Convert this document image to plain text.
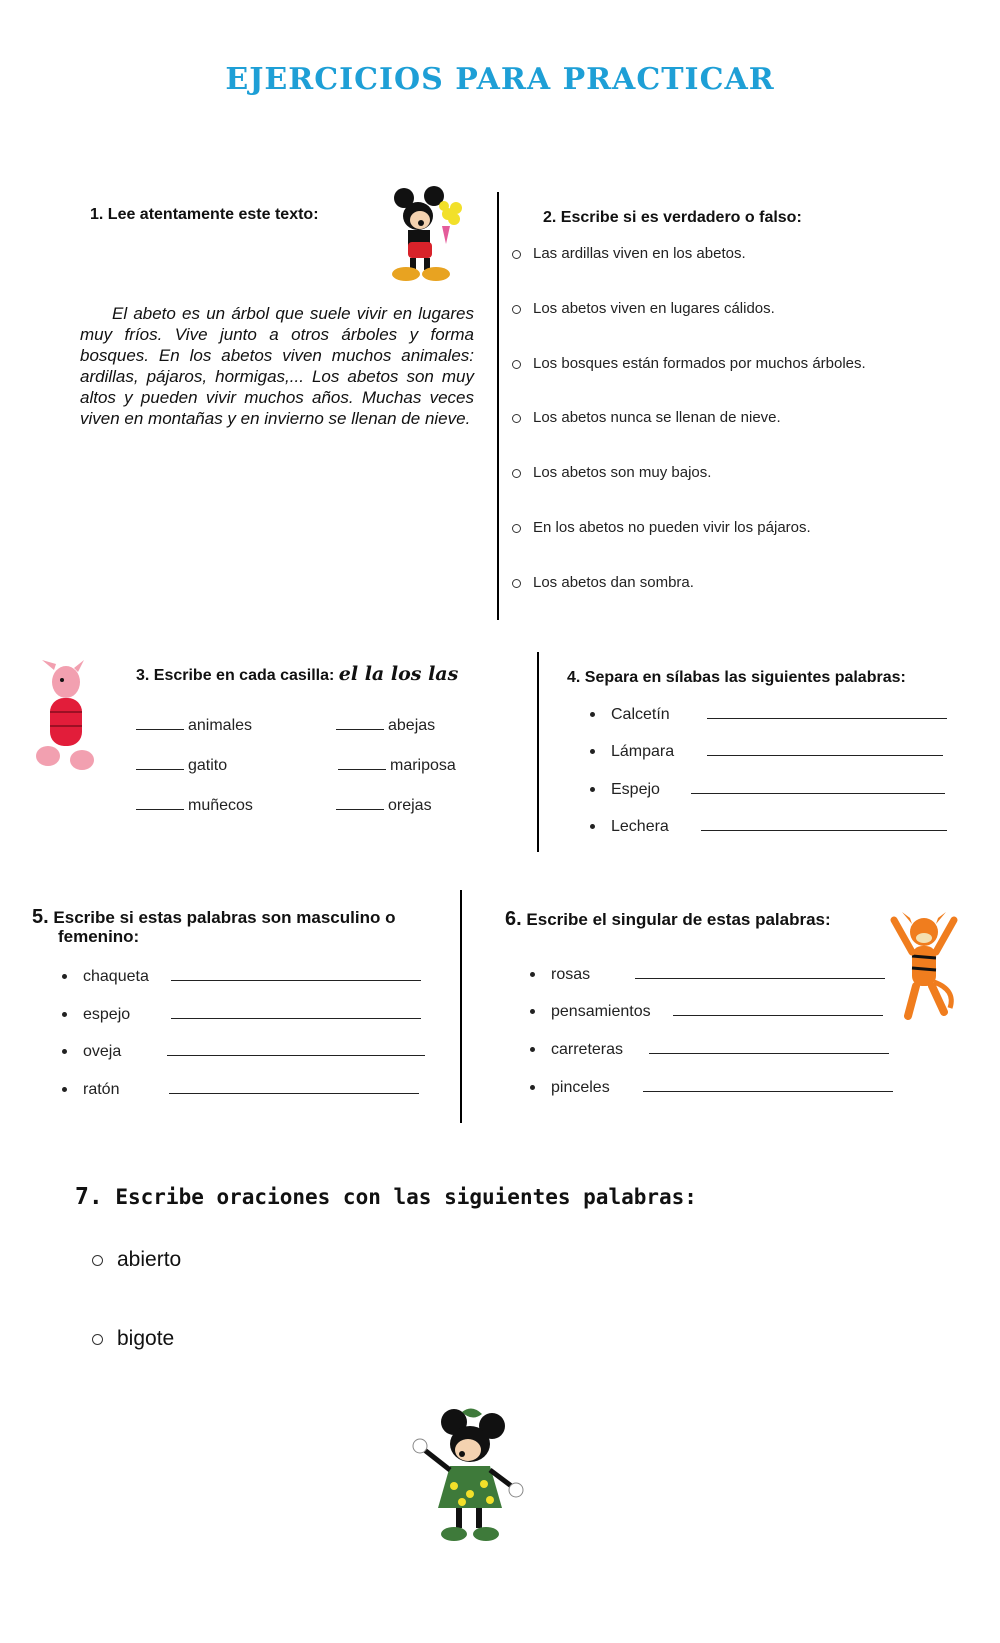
EJERCICIOS PARA PRACTICAR
1. Lee atentamente este texto:
El abeto es un árbol que suele vivir en lugares muy fríos. Vive junto a otros árboles y forma bosques. En los abetos viven muchos animales: ardillas, pájaros, hormigas,... Los abetos son muy altos y pueden vivir muchos años. Muchas veces viven en montañas y en invierno se llenan de nieve.
2. Escribe si es verdadero o falso:
Las ardillas viven en los abetos.
Los abetos viven en lugares cálidos.
Los bosques están formados por muchos árboles.
Los abetos nunca se llenan de nieve.
Los abetos son muy bajos.
En los abetos no pueden vivir los pájaros.
Los abetos dan sombra.
3. Escribe en cada casilla: el la los las
animales	abejas
gatito	mariposa
muñecos	orejas
4. Separa en sílabas las siguientes palabras:
Calcetín
Lámpara
Espejo
Lechera
5. Escribe si estas palabras son masculino o
femenino:
chaqueta
espejo
oveja
ratón
6. Escribe el singular de estas palabras:
rosas
pensamientos
carreteras
pinceles
7. Escribe oraciones con las siguientes palabras:
abierto
bigote
